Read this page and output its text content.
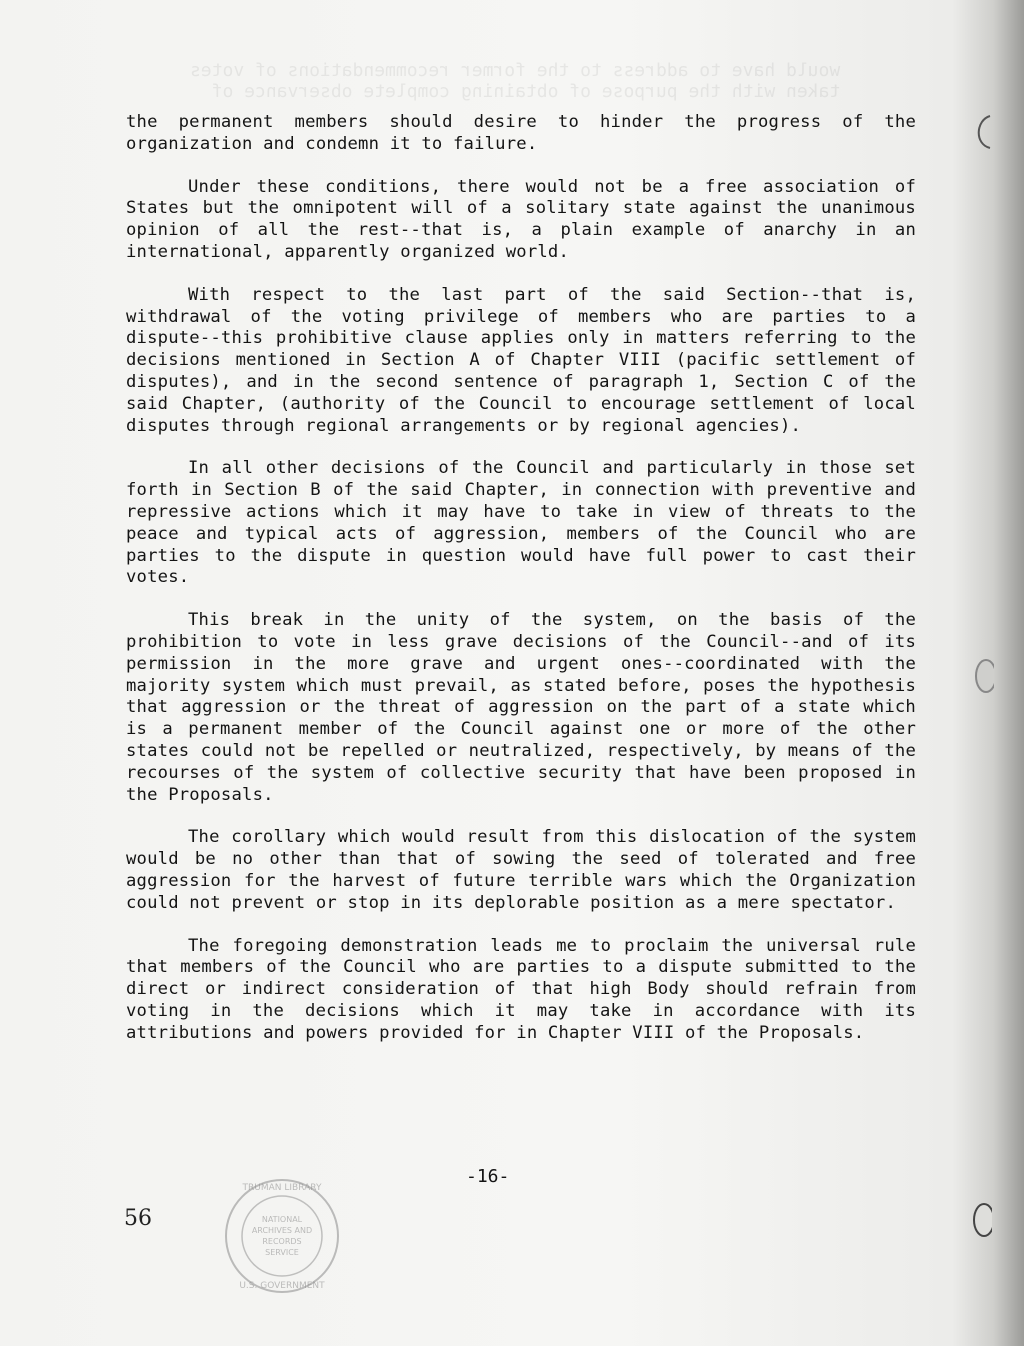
would have to address to the former recommendations of votes
taken with the purpose of obtaining complete observance of

the permanent members should desire to hinder the progress of the organization and condemn it to failure.

Under these conditions, there would not be a free association of States but the omnipotent will of a solitary state against the unanimous opinion of all the rest--that is, a plain example of anarchy in an international, apparently organized world.

With respect to the last part of the said Section--that is, withdrawal of the voting privilege of members who are parties to a dispute--this prohibitive clause applies only in matters referring to the decisions mentioned in Section A of Chapter VIII (pacific settlement of disputes), and in the second sentence of paragraph 1, Section C of the said Chapter, (authority of the Council to encourage settlement of local disputes through regional arrangements or by regional agencies).

In all other decisions of the Council and particularly in those set forth in Section B of the said Chapter, in connection with preventive and repressive actions which it may have to take in view of threats to the peace and typical acts of aggression, members of the Council who are parties to the dispute in question would have full power to cast their votes.

This break in the unity of the system, on the basis of the prohibition to vote in less grave decisions of the Council--and of its permission in the more grave and urgent ones--coordinated with the majority system which must prevail, as stated before, poses the hypothesis that aggression or the threat of aggression on the part of a state which is a permanent member of the Council against one or more of the other states could not be repelled or neutralized, respectively, by means of the recourses of the system of collective security that have been proposed in the Proposals.

The corollary which would result from this dislocation of the system would be no other than that of sowing the seed of tolerated and free aggression for the harvest of future terrible wars which the Organization could not prevent or stop in its deplorable position as a mere spectator.

The foregoing demonstration leads me to proclaim the universal rule that members of the Council who are parties to a dispute submitted to the direct or indirect consideration of that high Body should refrain from voting in the decisions which it may take in accordance with its attributions and powers provided for in Chapter VIII of the Proposals.

-16-
56	NATIONAL
ARCHIVES AND
RECORDS
SERVICE
TRUMAN LIBRARY
U.S. GOVERNMENT
